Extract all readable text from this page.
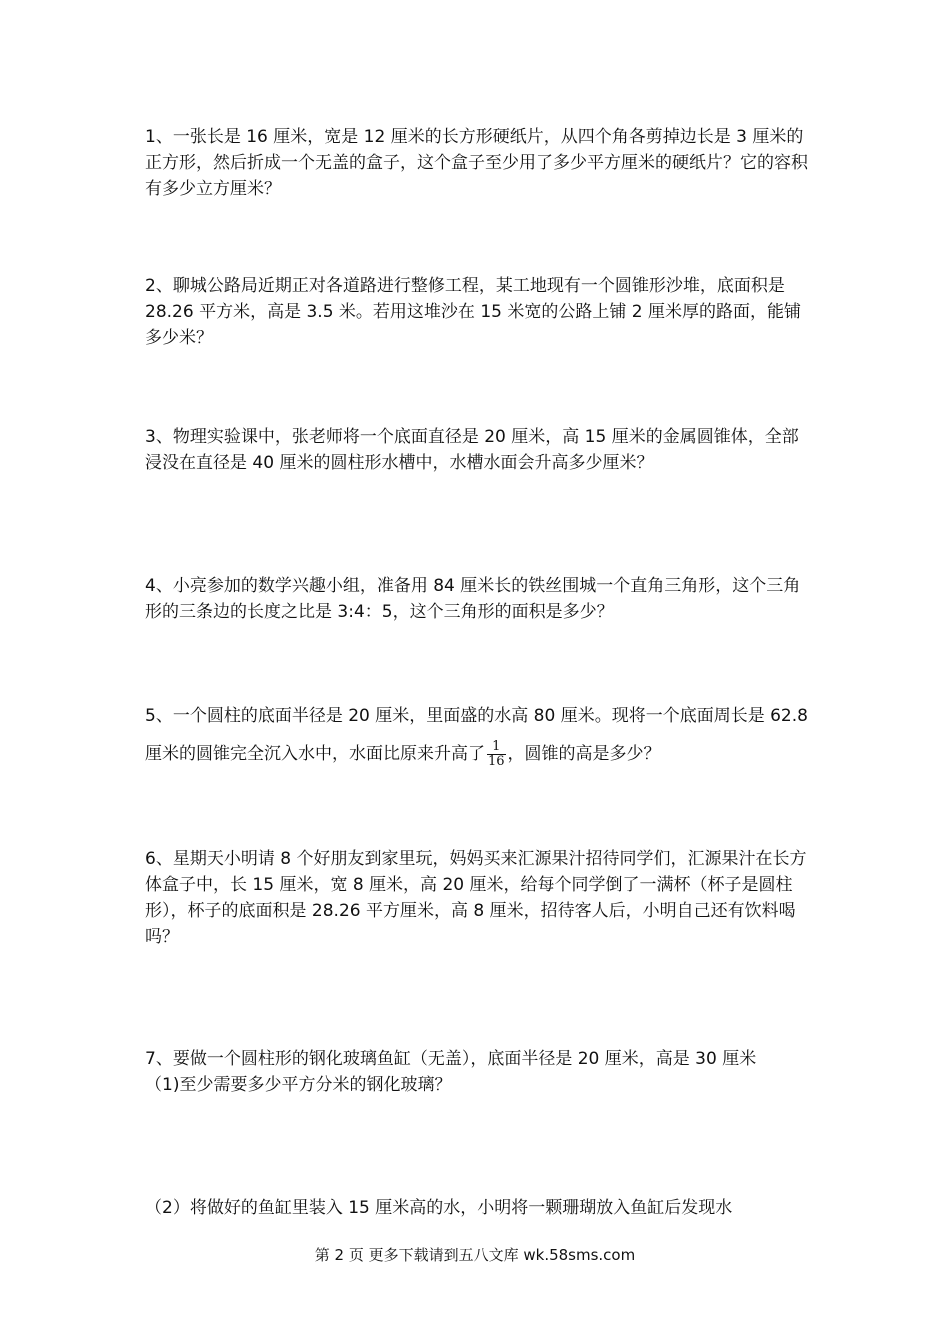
1、一张长是 16 厘米，宽是 12 厘米的长方形硬纸片，从四个角各剪掉边长是 3 厘米的正方形，然后折成一个无盖的盒子，这个盒子至少用了多少平方厘米的硬纸片？它的容积有多少立方厘米？

2、聊城公路局近期正对各道路进行整修工程，某工地现有一个圆锥形沙堆，底面积是 28.26 平方米，高是 3.5 米。若用这堆沙在 15 米宽的公路上铺 2 厘米厚的路面，能铺多少米？

3、物理实验课中，张老师将一个底面直径是 20 厘米，高 15 厘米的金属圆锥体，全部浸没在直径是 40 厘米的圆柱形水槽中，水槽水面会升高多少厘米？

4、小亮参加的数学兴趣小组，准备用 84 厘米长的铁丝围城一个直角三角形，这个三角形的三条边的长度之比是 3:4：5，这个三角形的面积是多少？

5、一个圆柱的底面半径是 20 厘米，里面盛的水高 80 厘米。现将一个底面周长是 62.8 厘米的圆锥完全沉入水中，水面比原来升高了 $\frac{1}{16}$ ，圆锥的高是多少？

6、星期天小明请 8 个好朋友到家里玩，妈妈买来汇源果汁招待同学们，汇源果汁在长方体盒子中，长 15 厘米，宽 8 厘米，高 20 厘米，给每个同学倒了一满杯（杯子是圆柱形），杯子的底面积是 28.26 平方厘米，高 8 厘米，招待客人后，小明自己还有饮料喝吗？

7、要做一个圆柱形的钢化玻璃鱼缸（无盖），底面半径是 20 厘米，高是 30 厘米

（1)至少需要多少平方分米的钢化玻璃？

（2）将做好的鱼缸里装入 15 厘米高的水，小明将一颗珊瑚放入鱼缸后发现水

第 2 页 更多下载请到五八文库 wk.58sms.com
